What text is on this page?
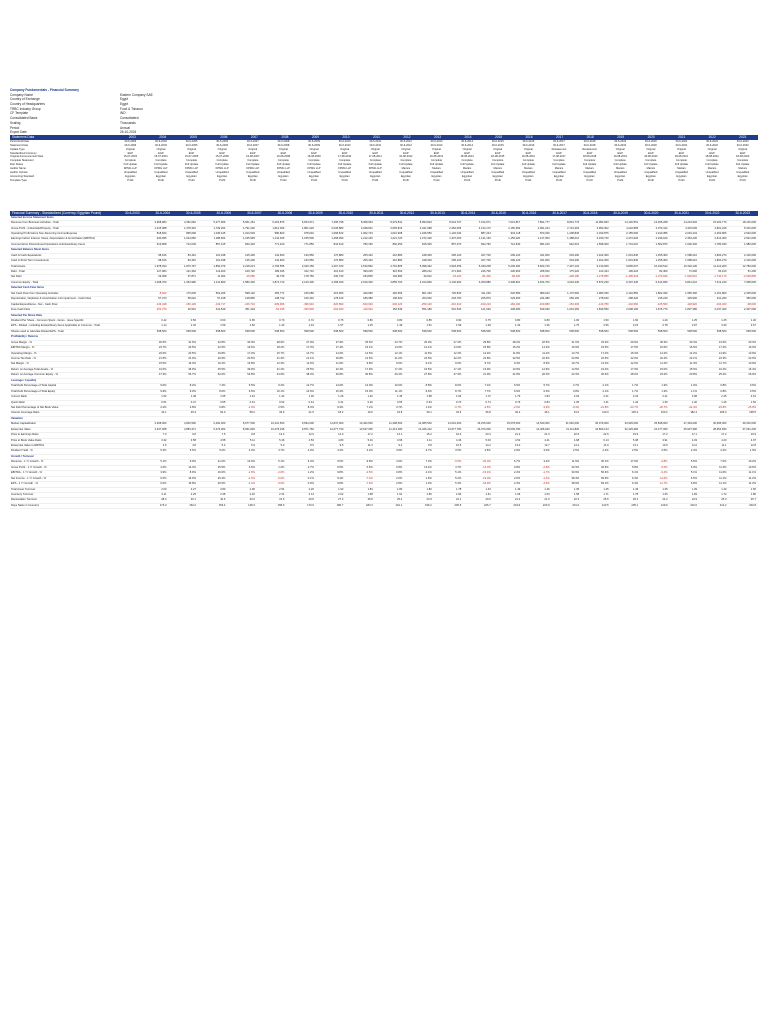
Company Fundamentals - Financial Summary
Company Name	Eastern Company SAE
Country of Exchange	Egypt
Country of Headquarters	Egypt
TRBC Industry Group	Food & Tobacco
CF Template	IND
Consolidated Basis	Consolidated
Scaling	Thousands
Period	Annual
Export Date	26-10-2024
Statement Data	2003	2004	2005	2006	2007	2008	2009	2010	2011	2012	2013	2014	2015	2016	2017	2018	2019	2020	2021	2022	2023
Period End Date	30-6-2003	30-6-2004	30-6-2005	30-6-2006	30-6-2007	30-6-2008	30-6-2009	30-6-2010	30-6-2011	30-6-2012	30-6-2013	30-6-2014	30-6-2015	30-6-2016	30-6-2017	30-6-2018	30-6-2019	30-6-2020	30-6-2021	30-6-2022	30-6-2023
Statement Date	30-6-2003	30-6-2004	30-6-2005	30-6-2006	30-6-2007	30-6-2008	30-6-2009	30-6-2010	30-6-2011	30-6-2012	30-6-2013	30-6-2014	30-6-2015	30-6-2016	30-6-2017	30-6-2018	30-6-2019	30-6-2020	30-6-2021	30-6-2022	30-6-2023
Update Type	Original	Original	Original	Original	Original	Original	Original	Original	Original	Original	Original	Original	Original	Original	Restatement	Restatement	Original	Original	Original	Original	Original
Standardized Currency	EGP	EGP	EGP	EGP	EGP	EGP	EGP	EGP	EGP	EGP	EGP	EGP	EGP	EGP	EGP	EGP	EGP	EGP	EGP	EGP	EGP
Original Announcement Date	15-07-2003	15-07-2004	15-07-2005	15-07-2006	16-08-2007	16-08-2008	16-08-2009	17-08-2010	17-08-2011	16-08-2012	16-08-2013	18-08-2014	18-08-2015	19-08-2016	17-08-2017	18-08-2018	19-08-2019	18-08-2020	18-08-2021	18-08-2022	18-08-2023
Complete Statement	Complete	Complete	Complete	Complete	Complete	Complete	Complete	Complete	Complete	Complete	Complete	Complete	Complete	Complete	Complete	Complete	Complete	Complete	Complete	Complete	Complete
Filer Status	Full Update	Full Update	Full Update	Full Update	Full Update	Full Update	Full Update	Full Update	Full Update	Full Update	Full Update	Full Update	Full Update	Full Update	Full Update	Full Update	Full Update	Full Update	Full Update	Full Update	Full Update
Auditor Name	KPMG LLP	KPMG LLP	KPMG LLP	KPMG LLP	KPMG LLP	KPMG LLP	KPMG LLP	KPMG LLP	KPMG LLP	Mazars	Mazars	Mazars	Mazars	Mazars	Mazars	Mazars	Mazars	Mazars	Mazars	Mazars	Mazars
Auditor Opinion	Unqualified	Unqualified	Unqualified	Unqualified	Unqualified	Unqualified	Unqualified	Unqualified	Unqualified	Unqualified	Unqualified	Unqualified	Unqualified	Unqualified	Unqualified	Unqualified	Unqualified	Unqualified	Unqualified	Unqualified	Unqualified
Accounting Standard	Egyptian	Egyptian	Egyptian	Egyptian	Egyptian	Egyptian	Egyptian	Egyptian	Egyptian	Egyptian	Egyptian	Egyptian	Egyptian	Egyptian	Egyptian	Egyptian	Egyptian	Egyptian	Egyptian	Egyptian	Egyptian
Template Type	Profit	Profit	Profit	Profit	Profit	Profit	Profit	Profit	Profit	Profit	Profit	Profit	Profit	Profit	Profit	Profit	Profit	Profit	Profit	Profit	Profit
Financial Summary - Standardized (Currency: Egyptian Pound)	30-6-2003	30-6-2004	30-6-2005	30-6-2006	30-6-2007	30-6-2008	30-6-2009	30-6-2010	30-6-2011	30-6-2012	30-6-2013	30-6-2014	30-6-2015	30-6-2016	30-6-2017	30-6-2018	30-6-2019	30-6-2020	30-6-2021	30-6-2022	30-6-2023
Selected Income Statement Items
Revenue from Business Activities - Total	3,968,984	4,362,062	5,277,966	5,961,451	6,263,876	6,664,971	7,295,798	8,008,903	8,379,841	8,993,823	8,944,707	7,152,971	7,631,817	7,891,777	8,801,776	11,982,963	14,130,551	13,455,208	14,210,902	15,200,770	18,120,000
Gross Profit - Industrials/Property - Total	1,215,088	1,378,316	1,729,264	1,791,220	1,812,306	1,861,020	2,036,880	2,048,601	2,065,816	2,341,998	2,452,066	2,134,172	2,150,393	2,091,224	2,724,462	3,990,302	4,222,895	4,070,412	4,315,006	4,801,226	5,310,000
Operating Profit before Non-Recurring Income/Expense	818,663	895,690	1,045,445	1,010,903	980,823	978,040	1,068,813	1,002,743	1,010,908	1,046,550	1,102,034	887,244	904,118	870,330	1,208,836	2,033,876	2,155,060	1,910,355	2,019,443	2,262,806	2,520,000
Earnings before Interest, Taxes, Depreciation & Amortization (EBITDA)	940,995	1,024,660	1,188,604	1,165,965	1,142,326	1,155,500	1,268,990	1,212,100	1,221,720	1,272,420	1,337,000	1,131,130	1,156,220	1,137,000	1,488,010	2,330,740	2,472,620	2,239,100	2,354,230	2,612,300	2,901,000
Income before Discontinued Operations & Extraordinary Items	613,868	712,040	857,125	820,418	771,420	771,850	844,610	782,150	802,250	815,300	857,370	694,760	712,530	681,100	942,610	1,598,300	1,701,010	1,502,870	1,602,340	1,780,030	1,980,000
Selected Balance Sheet Items
Cash & Cash Equivalents	98,916	83,491	101,338	125,400	142,600	133,950	170,880	205,440	210,880	248,300	295,120	327,700	299,120	341,600	603,400	1,402,300	1,601,840	1,455,300	1,598,210	1,800,270	2,100,000
Cash & Short Term Investments	98,916	83,491	101,338	125,400	142,600	133,950	170,880	205,440	210,880	248,300	295,120	327,700	299,120	341,600	603,400	1,402,300	1,601,840	1,455,300	1,598,210	1,800,270	2,100,000
Total Assets	1,978,334	1,870,737	1,894,379	2,218,213	2,706,556	3,340,156	4,207,160	4,510,862	4,791,805	5,098,332	4,918,459	5,049,208	5,206,330	5,603,740	7,407,104	9,130,009	9,805,007	10,190,512	10,302,130	11,410,200	12,780,000
Debt - Total	127,984	121,362	112,400	109,720	189,336	312,710	401,610	390,245	315,560	289,212	271,900	246,700	230,900	208,520	175,220	123,444	106,222	84,360	71,600	60,100	51,200
Net Debt	29,068	37,871	11,062	-15,680	46,736	178,760	230,730	184,805	104,680	40,912	-23,220	-81,000	-68,220	-133,080	-428,180	-1,278,856	-1,495,618	-1,370,940	-1,526,610	-1,740,170	-2,048,800
Common Equity - Total	1,298,700	1,354,990	1,411,800	1,580,330	1,874,710	2,140,300	2,468,330	2,610,300	2,855,700	3,014,830	3,140,900	3,209,880	3,338,610	3,454,700	4,604,230	5,873,230	6,307,430	6,614,830	6,814,210	7,312,240	7,908,000
Selected Cash Flow Items
Net Cash Flow from Operating Activities	-8,922	170,630	561,266	598,120	255,771	166,080	215,950	420,996	492,666	801,320	720,840	311,230	620,580	980,010	1,170,560	1,980,330	2,140,850	1,802,330	1,956,300	2,151,800	2,405,000
Depreciation, Depletion & Amortization incl Impairment - Cash Flow	57,373	58,022	57,108	128,866	138,742	160,440	178,100	186,380	190,520	203,920	218,760	225,870	229,360	244,380	259,160	278,640	298,420	315,240	326,900	341,260	356,000
Capital Expenditures - Net - Cash Flow	-143,448	-150,129	-119,717	-246,716	-309,966	-496,910	-620,890	-540,020	-340,120	-250,140	-210,310	-190,210	-182,100	-160,980	-154,300	-140,780	-132,660	-125,560	-118,920	-104,400	-98,000
Free Cash Flow	-152,370	20,501	441,549	351,404	-54,195	-330,830	-404,940	-119,024	152,546	551,180	510,530	121,020	438,480	819,030	1,016,260	1,839,550	2,008,190	1,676,770	1,837,380	2,047,400	2,307,000
Selected Per Share Data
Dividend Per Share - Common Stock - Gross - Issue Specific	0.42	0.50	0.60	0.65	0.70	0.72	0.75	0.80	0.80	0.85	0.90	0.75	0.80	0.80	1.00	1.50	1.60	1.20	1.25	1.25	1.40
EPS - Diluted - including Extraordinary Items Applicable to Common - Total	1.14	1.32	1.59	1.52	1.43	1.43	1.57	1.45	1.49	1.51	1.59	1.29	1.32	1.26	1.75	2.96	3.15	2.78	2.97	3.30	3.67
Shares used to calculate Diluted EPS - Total	538,500	538,500	538,500	538,500	538,500	538,500	538,500	538,500	538,500	538,500	538,500	538,500	538,500	538,500	538,500	538,500	538,500	538,500	538,500	538,500	538,500
Profitability / Returns
Gross Margin - %	30.6%	31.6%	32.8%	30.0%	28.9%	27.9%	27.9%	25.6%	24.7%	26.0%	27.4%	29.8%	28.2%	26.5%	31.0%	33.3%	29.9%	30.3%	30.4%	31.6%	29.3%
EBITDA Margin - %	23.7%	23.5%	22.5%	19.6%	18.2%	17.3%	17.4%	15.1%	14.6%	14.1%	14.9%	15.8%	15.2%	14.4%	16.9%	19.5%	17.5%	16.6%	16.6%	17.2%	16.0%
Operating Margin - %	20.6%	20.5%	19.8%	17.0%	15.7%	14.7%	14.6%	12.5%	12.1%	11.6%	12.3%	12.4%	11.8%	11.0%	13.7%	17.0%	15.3%	14.2%	14.2%	14.9%	13.9%
Income Tax Rate - %	21.5%	21.0%	20.9%	20.5%	21.3%	21.1%	20.8%	21.6%	21.0%	22.5%	22.2%	22.8%	22.5%	22.6%	22.8%	22.5%	22.0%	22.4%	22.1%	22.3%	22.6%
Net Margin - %	15.5%	16.3%	16.2%	13.8%	12.3%	11.6%	11.6%	9.8%	9.6%	9.1%	9.6%	9.7%	9.3%	8.6%	10.7%	13.3%	12.0%	11.2%	11.3%	11.7%	10.9%
Return on Average Total Assets - %	31.0%	36.9%	45.5%	39.9%	31.4%	25.5%	22.4%	17.9%	17.2%	16.5%	17.1%	13.9%	13.9%	12.6%	14.5%	19.4%	17.9%	15.0%	15.6%	16.4%	16.4%
Return on Average Common Equity - %	47.3%	53.7%	62.0%	54.8%	44.6%	38.4%	36.8%	30.8%	29.4%	27.8%	27.9%	21.9%	21.8%	20.0%	23.3%	30.6%	28.0%	23.2%	23.8%	25.2%	26.0%
Leverage / Liquidity
Total Debt Percentage of Total Capital	9.0%	8.2%	7.4%	6.5%	9.2%	12.7%	14.0%	13.0%	10.0%	8.8%	8.0%	7.1%	6.5%	5.7%	3.7%	2.1%	1.7%	1.3%	1.0%	0.8%	0.6%
Total Debt Percentage of Total Equity	9.9%	9.0%	8.0%	6.9%	10.1%	14.6%	16.3%	15.0%	11.1%	9.6%	8.7%	7.7%	6.9%	6.0%	3.8%	2.1%	1.7%	1.3%	1.1%	0.8%	0.6%
Current Ratio	1.52	1.48	1.55	1.61	1.44	1.30	1.26	1.32	1.45	1.58	1.66	1.72	1.79	1.84	2.02	2.21	2.34	2.41	2.38	2.45	2.51
Quick Ratio	0.51	0.47	0.55	0.61	0.52	0.44	0.41	0.46	0.55	0.63	0.70	0.74	0.79	0.84	1.05	1.31	1.42	1.36	1.40	1.46	1.52
Net Debt Percentage of Net Book Value	2.2%	2.8%	0.8%	-1.0%	2.5%	8.4%	9.3%	7.1%	3.7%	1.4%	-0.7%	-2.5%	-2.0%	-3.9%	-9.3%	-21.8%	-23.7%	-20.7%	-22.4%	-23.8%	-25.9%
Interest Coverage Ratio	42.1	45.3	52.0	58.2	33.6	21.5	18.2	19.0	24.8	30.1	34.6	36.8	40.2	46.1	61.0	110.0	145.2	160.3	182.4	205.0	238.5
Valuation
Market Capitalization	4,308,000	4,846,500	6,462,000	8,077,500	10,231,500	9,693,000	11,847,000	13,462,500	11,308,500	12,385,500	14,001,000	16,155,000	15,078,000	14,540,000	21,540,000	36,079,000	33,925,000	25,848,000	27,464,000	30,695,000	39,310,000
Enterprise Value	4,337,068	4,884,371	6,473,062	8,061,820	10,278,236	9,871,760	12,077,730	13,647,305	11,413,180	12,426,412	13,977,780	16,074,000	15,009,780	14,406,920	21,111,820	34,800,144	32,429,382	24,477,060	25,937,390	28,954,830	37,261,200
Price to Earnings Ratio	7.0	6.8	7.5	9.8	13.3	12.6	14.0	17.2	14.1	15.2	16.3	23.3	21.2	21.3	22.9	22.6	19.9	17.2	17.1	17.2	19.9
Price to Book Value Ratio	3.32	3.58	4.58	5.11	5.46	4.53	4.80	5.16	3.96	4.11	4.46	5.03	4.52	4.21	4.68	6.14	5.38	3.91	4.03	4.20	4.97
Enterprise Value to EBITDA	4.6	4.8	5.4	6.9	9.0	8.5	9.5	11.3	9.3	9.8	10.5	14.2	13.0	12.7	14.2	14.9	13.1	10.9	11.0	11.1	12.8
Dividend Yield - %	5.3%	5.6%	5.0%	4.3%	3.7%	4.0%	3.4%	3.2%	3.8%	3.7%	3.5%	2.5%	2.9%	3.0%	2.5%	2.2%	2.5%	2.5%	2.4%	2.2%	1.9%
Growth / Turnover
Revenue - 1 Yr Growth - %	5.1%	9.9%	21.0%	13.0%	5.1%	6.4%	9.5%	9.8%	4.6%	7.3%	-0.5%	-20.0%	6.7%	3.4%	11.5%	36.1%	17.9%	-4.8%	5.6%	7.0%	19.2%
Gross Profit - 1 Yr Growth - %	4.6%	13.4%	25.5%	3.6%	1.2%	2.7%	9.5%	0.6%	0.8%	13.4%	4.7%	-13.0%	0.8%	-2.8%	30.3%	46.5%	5.8%	-3.6%	6.0%	11.3%	10.6%
EBITDA - 1 Yr Growth - %	3.9%	8.9%	16.0%	-1.9%	-2.0%	1.2%	9.8%	-4.5%	0.8%	4.1%	5.1%	-15.4%	2.2%	-1.7%	30.9%	56.6%	6.1%	-9.4%	5.1%	11.0%	11.1%
Net Income - 1 Yr Growth - %	6.0%	16.0%	20.4%	-4.3%	-6.0%	0.1%	9.4%	-7.4%	2.6%	1.6%	5.2%	-19.0%	2.6%	-4.4%	38.4%	69.6%	6.4%	-11.6%	6.6%	11.1%	11.2%
EPS - 1 Yr Growth - %	6.0%	15.8%	20.5%	-4.4%	-5.9%	0.0%	9.8%	-7.6%	2.8%	1.3%	5.3%	-18.9%	2.3%	-4.5%	38.9%	69.1%	6.4%	-11.7%	6.8%	11.1%	11.2%
Total Asset Turnover	2.00	2.27	2.80	2.90	2.54	2.20	1.93	1.84	1.80	1.82	1.78	1.43	1.49	1.46	1.35	1.45	1.49	1.35	1.39	1.40	1.50
Inventory Turnover	2.11	2.25	2.38	2.46	2.31	2.14	2.02	1.98	1.91	1.86	1.82	1.61	1.66	1.63	1.58	1.71	1.78	1.66	1.69	1.72	1.80
Receivables Turnover	28.4	30.1	32.6	33.0	31.5	29.8	27.3	26.8	25.4	24.9	24.1	20.6	21.4	21.0	22.3	25.6	26.4	24.2	24.9	25.3	26.7
Days Sales in Inventory	173.0	162.2	153.4	148.4	158.0	170.6	180.7	184.3	191.1	196.2	200.5	226.7	219.9	223.9	231.0	213.5	205.1	219.9	216.0	212.2	202.8
